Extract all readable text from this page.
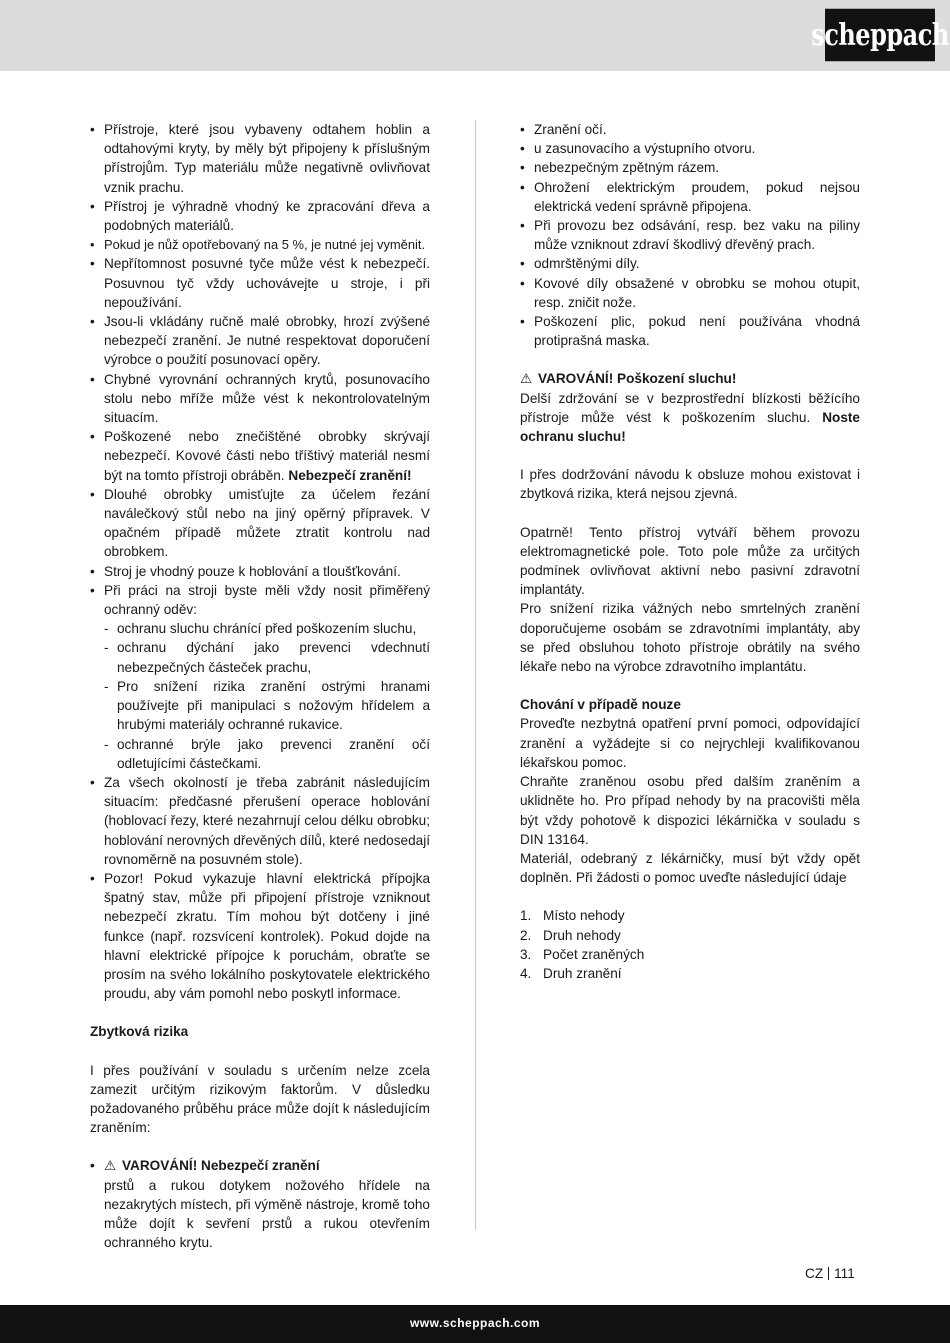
scheppach
• Přístroje, které jsou vybaveny odtahem hoblin a odtahovými kryty, by měly být připojeny k příslušným přístrojům. Typ materiálu může negativně ovlivňovat vznik prachu.
• Přístroj je výhradně vhodný ke zpracování dřeva a podobných materiálů.
• Pokud je nůž opotřebovaný na 5 %, je nutné jej vyměnit.
• Nepřítomnost posuvné tyče může vést k nebezpečí. Posuvnou tyč vždy uchovávejte u stroje, i při nepoužívání.
• Jsou-li vkládány ručně malé obrobky, hrozí zvýšené nebezpečí zranění. Je nutné respektovat doporučení výrobce o použití posunovací opěry.
• Chybné vyrovnání ochranných krytů, posunovacího stolu nebo mříže může vést k nekontrolovatelným situacím.
• Poškozené nebo znečištěné obrobky skrývají nebezpečí. Kovové části nebo tříštivý materiál nesmí být na tomto přístroji obráběn. Nebezpečí zranění!
• Dlouhé obrobky umisťujte za účelem řezání naválečkový stůl nebo na jiný opěrný přípravek. V opačném případě můžete ztratit kontrolu nad obrobkem.
• Stroj je vhodný pouze k hoblování a tloušťkování.
• Při práci na stroji byste měli vždy nosit přiměřený ochranný oděv:
- ochranu sluchu chránící před poškozením sluchu,
- ochranu dýchání jako prevenci vdechnutí nebezpečných částeček prachu,
- Pro snížení rizika zranění ostrými hranami používejte při manipulaci s nožovým hřídelem a hrubými materiály ochranné rukavice.
- ochranné brýle jako prevenci zranění očí odletujícími částečkami.
• Za všech okolností je třeba zabránit následujícím situacím: předčasné přerušení operace hoblování (hoblovací řezy, které nezahrnují celou délku obrobku; hoblování nerovných dřevěných dílů, které nedosedají rovnoměrně na posuvném stole).
• Pozor! Pokud vykazuje hlavní elektrická přípojka špatný stav, může při připojení přístroje vzniknout nebezpečí zkratu. Tím mohou být dotčeny i jiné funkce (např. rozsvícení kontrolek). Pokud dojde na hlavní elektrické přípojce k poruchám, obraťte se prosím na svého lokálního poskytovatele elektrického proudu, aby vám pomohl nebo poskytl informace.

Zbytková rizika

I přes používání v souladu s určením nelze zcela zamezit určitým rizikovým faktorům. V důsledku požadovaného průběhu práce může dojít k následujícím zraněním:

• ⚠ VAROVÁNÍ! Nebezpečí zranění

prstů a rukou dotykem nožového hřídele na nezakrytých místech, při výměně nástroje, kromě toho může dojít k sevření prstů a rukou otevřením ochranného krytu.

• Zranění očí.
• u zasunovacího a výstupního otvoru.
• nebezpečným zpětným rázem.
• Ohrožení elektrickým proudem, pokud nejsou elektrická vedení správně připojena.
• Při provozu bez odsávání, resp. bez vaku na piliny může vzniknout zdraví škodlivý dřevěný prach.
• odmrštěnými díly.
• Kovové díly obsažené v obrobku se mohou otupit, resp. zničit nože.
• Poškození plic, pokud není používána vhodná protiprašná maska.

⚠ VAROVÁNÍ! Poškození sluchu!

Delší zdržování se v bezprostřední blízkosti běžícího přístroje může vést k poškozením sluchu. Noste ochranu sluchu!

I přes dodržování návodu k obsluze mohou existovat i zbytková rizika, která nejsou zjevná.

Opatrně! Tento přístroj vytváří během provozu elektromagnetické pole. Toto pole může za určitých podmínek ovlivňovat aktivní nebo pasivní zdravotní implantáty.

Pro snížení rizika vážných nebo smrtelných zranění doporučujeme osobám se zdravotními implantáty, aby se před obsluhou tohoto přístroje obrátily na svého lékaře nebo na výrobce zdravotního implantátu.

Chování v případě nouze

Proveďte nezbytná opatření první pomoci, odpovídající zranění a vyžádejte si co nejrychleji kvalifikovanou lékařskou pomoc.

Chraňte zraněnou osobu před dalším zraněním a uklidněte ho. Pro případ nehody by na pracovišti měla být vždy pohotově k dispozici lékárnička v souladu s DIN 13164.

Materiál, odebraný z lékárničky, musí být vždy opět doplněn. Při žádosti o pomoc uveďte následující údaje

1. Místo nehody
2. Druh nehody
3. Počet zraněných
4. Druh zranění
CZ 111
www.scheppach.com
